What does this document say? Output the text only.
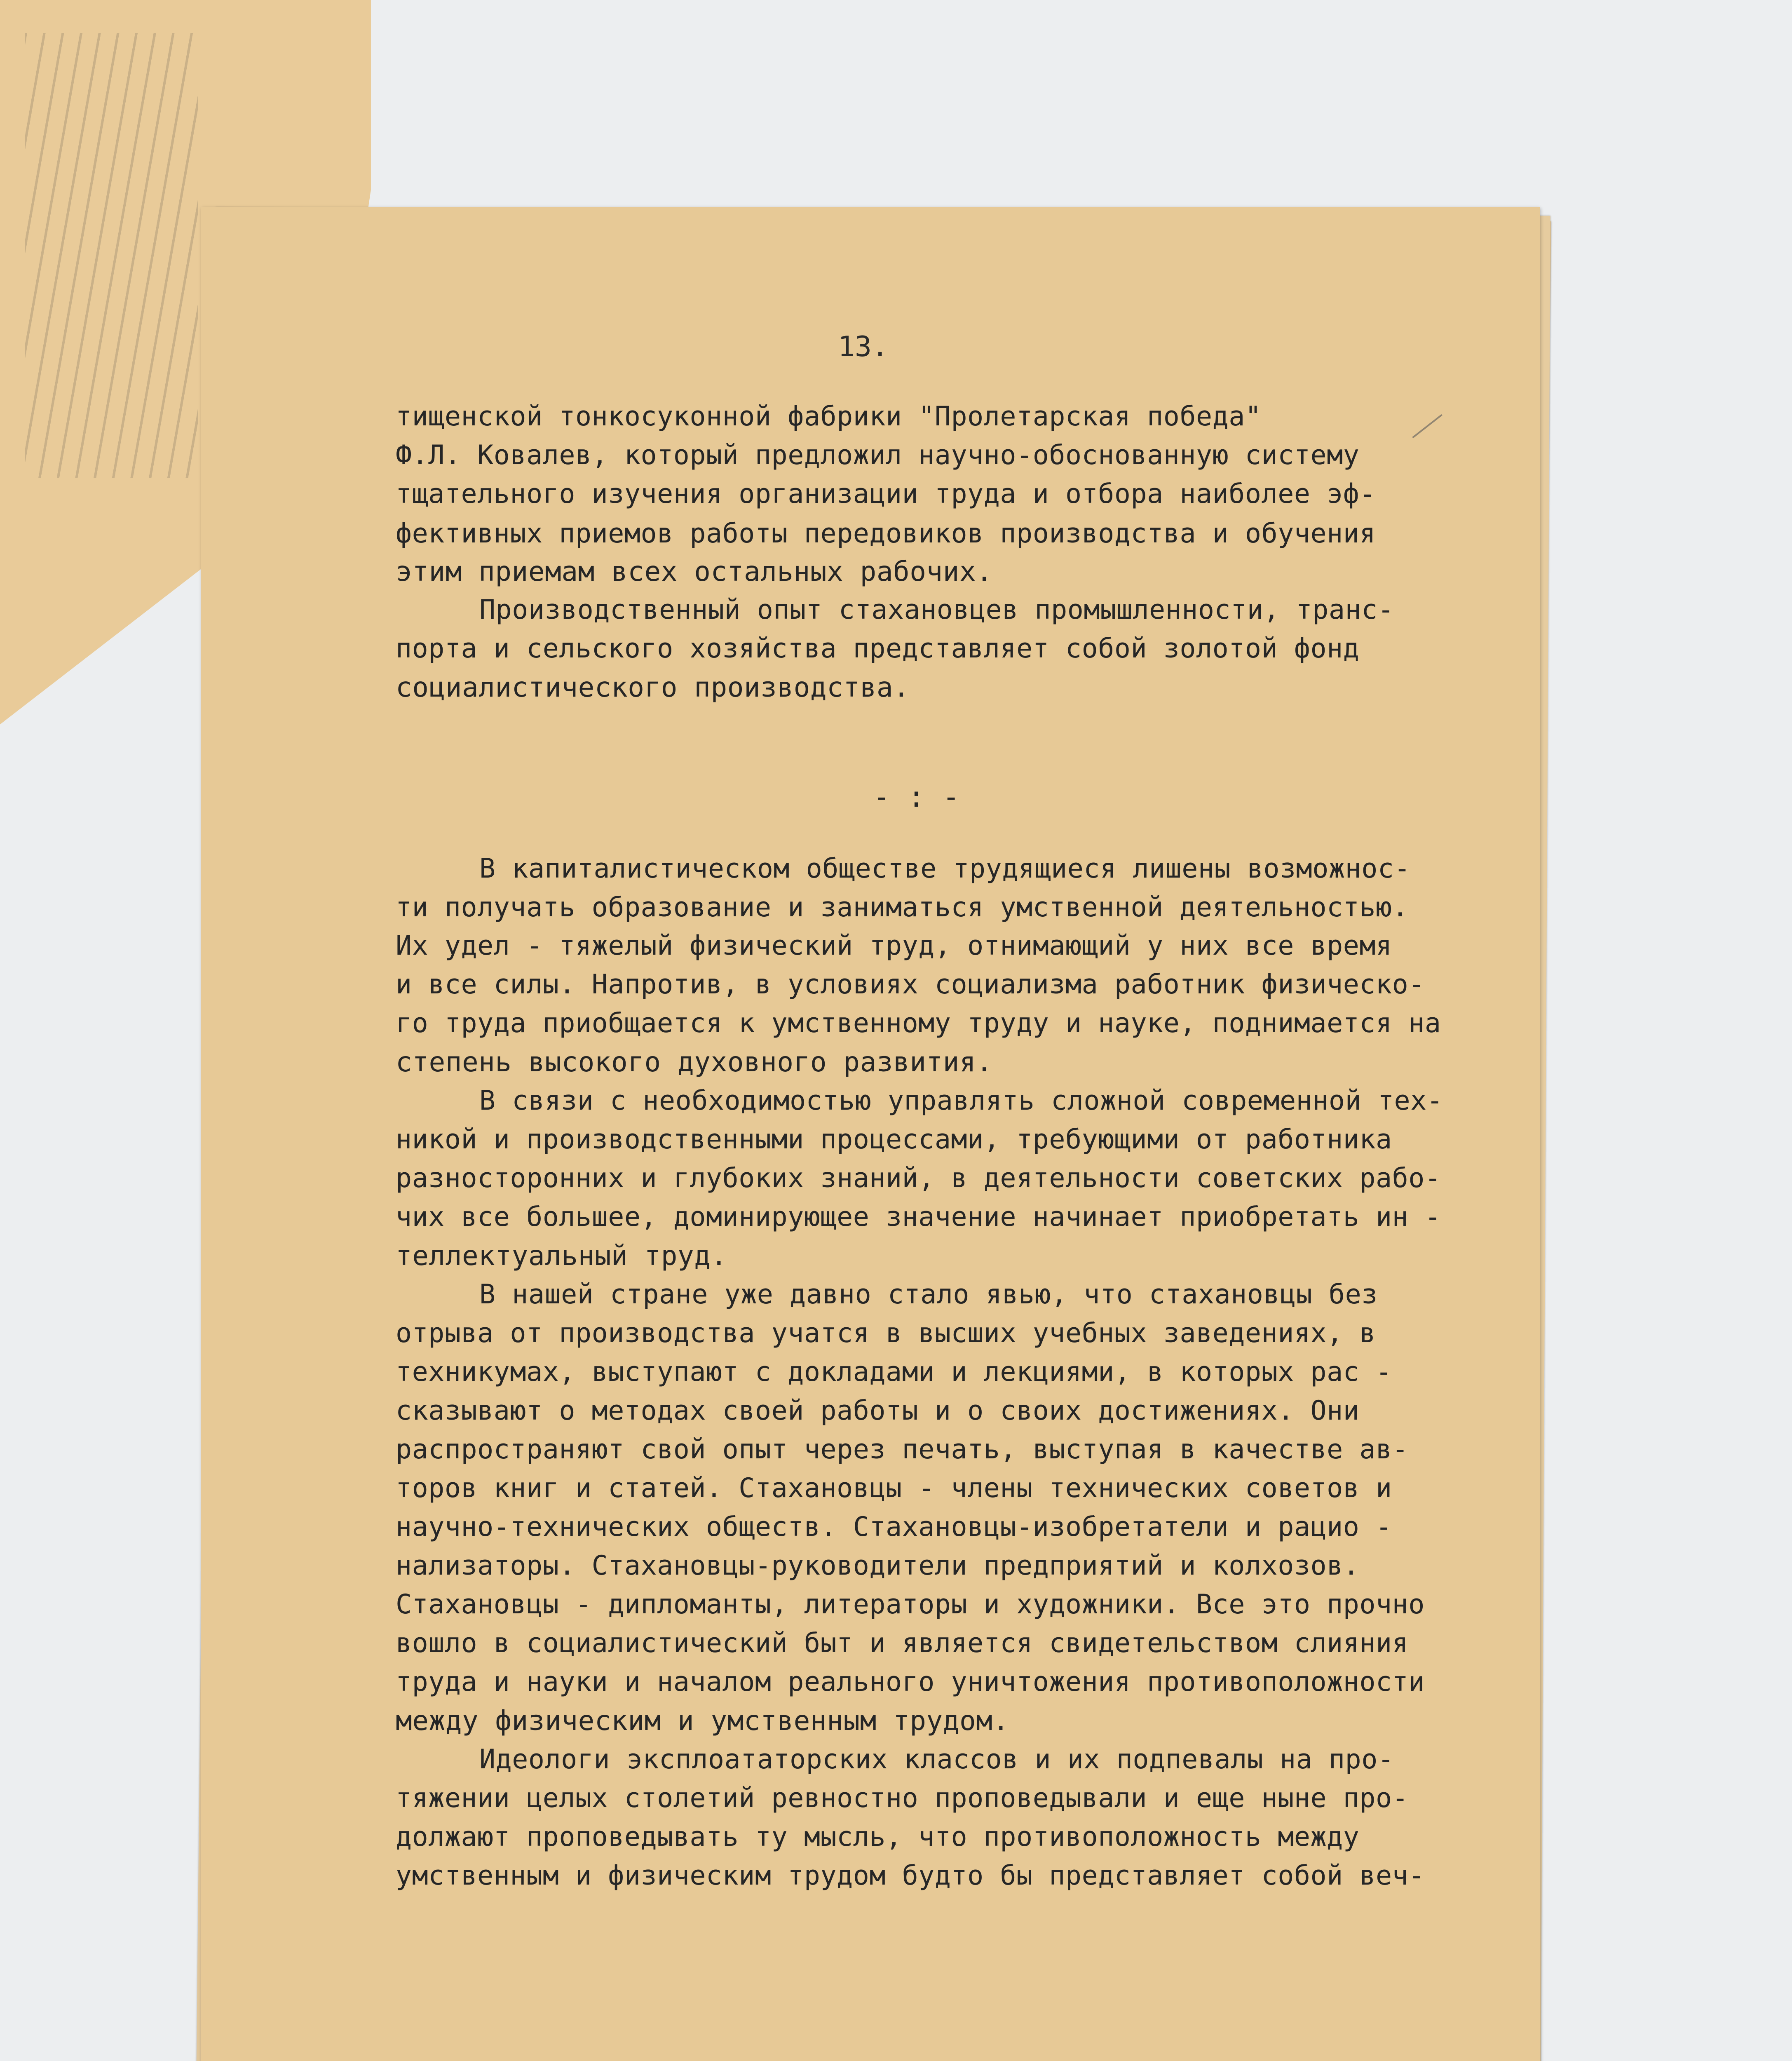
13.
тищенской тонкосуконной фабрики "Пролетарская победа"
Ф.Л. Ковалев, который предложил научно-обоснованную систему
тщательного изучения организации труда и отбора наиболее эф-
фективных приемов работы передовиков производства и обучения
этим приемам всех остальных рабочих.
Производственный опыт стахановцев промышленности, транс-
порта и сельского хозяйства представляет собой золотой фонд
социалистического производства.
- : -
В капиталистическом обществе трудящиеся лишены возможнос-
ти получать образование и заниматься умственной деятельностью.
Их удел - тяжелый физический труд, отнимающий у них все время
и все силы. Напротив, в условиях социализма работник физическо-
го труда приобщается к умственному труду и науке, поднимается на
степень высокого духовного развития.
В связи с необходимостью управлять сложной современной тех-
никой и производственными процессами, требующими от работника
разносторонних и глубоких знаний, в деятельности советских рабо-
чих все большее, доминирующее значение начинает приобретать ин -
теллектуальный труд.
В нашей стране уже давно стало явью, что стахановцы без
отрыва от производства учатся в высших учебных заведениях, в
техникумах, выступают с докладами и лекциями, в которых рас -
сказывают о методах своей работы и о своих достижениях. Они
распространяют свой опыт через печать, выступая в качестве ав-
торов книг и статей. Стахановцы - члены технических советов и
научно-технических обществ. Стахановцы-изобретатели и рацио -
нализаторы. Стахановцы-руководители предприятий и колхозов.
Стахановцы - дипломанты, литераторы и художники. Все это прочно
вошло в социалистический быт и является свидетельством слияния
труда и науки и началом реального уничтожения противоположности
между физическим и умственным трудом.
Идеологи эксплоататорских классов и их подпевалы на про-
тяжении целых столетий ревностно проповедывали и еще ныне про-
должают проповедывать ту мысль, что противоположность между
умственным и физическим трудом будто бы представляет собой веч-
